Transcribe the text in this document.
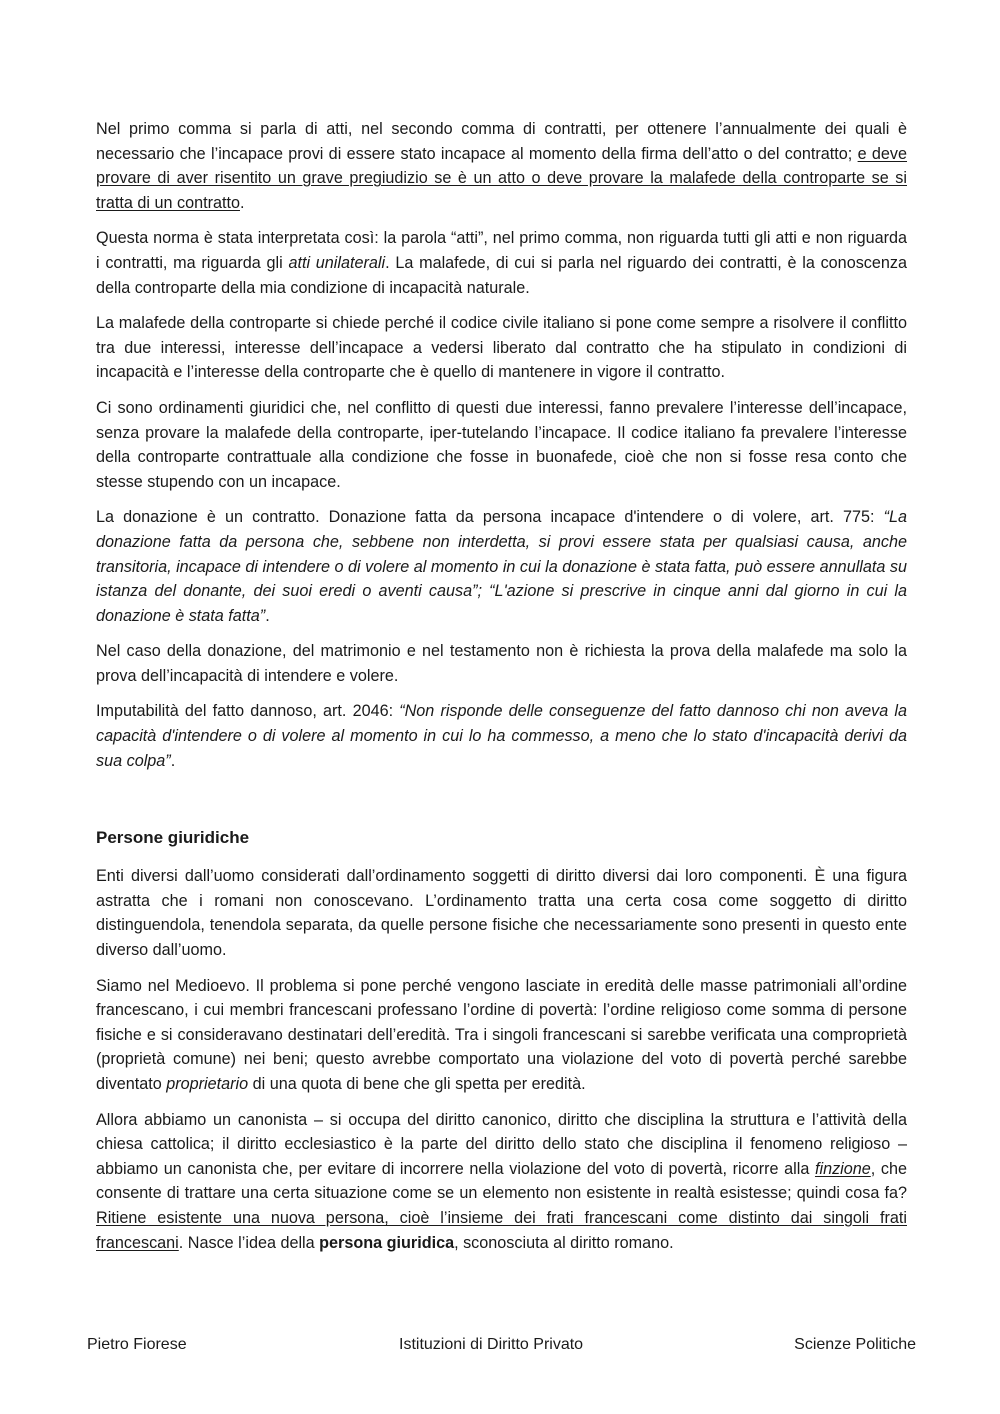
Nel primo comma si parla di atti, nel secondo comma di contratti, per ottenere l’annualmente dei quali è necessario che l’incapace provi di essere stato incapace al momento della firma dell’atto o del contratto; e deve provare di aver risentito un grave pregiudizio se è un atto o deve provare la malafede della controparte se si tratta di un contratto.

Questa norma è stata interpretata così: la parola “atti”, nel primo comma, non riguarda tutti gli atti e non riguarda i contratti, ma riguarda gli atti unilaterali. La malafede, di cui si parla nel riguardo dei contratti, è la conoscenza della controparte della mia condizione di incapacità naturale.

La malafede della controparte si chiede perché il codice civile italiano si pone come sempre a risolvere il conflitto tra due interessi, interesse dell’incapace a vedersi liberato dal contratto che ha stipulato in condizioni di incapacità e l’interesse della controparte che è quello di mantenere in vigore il contratto.

Ci sono ordinamenti giuridici che, nel conflitto di questi due interessi, fanno prevalere l’interesse dell’incapace, senza provare la malafede della controparte, iper-tutelando l’incapace. Il codice italiano fa prevalere l’interesse della controparte contrattuale alla condizione che fosse in buonafede, cioè che non si fosse resa conto che stesse stupendo con un incapace.

La donazione è un contratto. Donazione fatta da persona incapace d'intendere o di volere, art. 775: “La donazione fatta da persona che, sebbene non interdetta, si provi essere stata per qualsiasi causa, anche transitoria, incapace di intendere o di volere al momento in cui la donazione è stata fatta, può essere annullata su istanza del donante, dei suoi eredi o aventi causa”; “L'azione si prescrive in cinque anni dal giorno in cui la donazione è stata fatta”.

Nel caso della donazione, del matrimonio e nel testamento non è richiesta la prova della malafede ma solo la prova dell’incapacità di intendere e volere.

Imputabilità del fatto dannoso, art. 2046: “Non risponde delle conseguenze del fatto dannoso chi non aveva la capacità d'intendere o di volere al momento in cui lo ha commesso, a meno che lo stato d'incapacità derivi da sua colpa”.

Persone giuridiche

Enti diversi dall’uomo considerati dall’ordinamento soggetti di diritto diversi dai loro componenti. È una figura astratta che i romani non conoscevano. L’ordinamento tratta una certa cosa come soggetto di diritto distinguendola, tenendola separata, da quelle persone fisiche che necessariamente sono presenti in questo ente diverso dall’uomo.

Siamo nel Medioevo. Il problema si pone perché vengono lasciate in eredità delle masse patrimoniali all’ordine francescano, i cui membri francescani professano l’ordine di povertà: l’ordine religioso come somma di persone fisiche e si consideravano destinatari dell’eredità. Tra i singoli francescani si sarebbe verificata una comproprietà (proprietà comune) nei beni; questo avrebbe comportato una violazione del voto di povertà perché sarebbe diventato proprietario di una quota di bene che gli spetta per eredità.

Allora abbiamo un canonista – si occupa del diritto canonico, diritto che disciplina la struttura e l’attività della chiesa cattolica; il diritto ecclesiastico è la parte del diritto dello stato che disciplina il fenomeno religioso – abbiamo un canonista che, per evitare di incorrere nella violazione del voto di povertà, ricorre alla finzione, che consente di trattare una certa situazione come se un elemento non esistente in realtà esistesse; quindi cosa fa? Ritiene esistente una nuova persona, cioè l’insieme dei frati francescani come distinto dai singoli frati francescani. Nasce l’idea della persona giuridica, sconosciuta al diritto romano.

Pietro Fiorese	Istituzioni di Diritto Privato	Scienze Politiche
